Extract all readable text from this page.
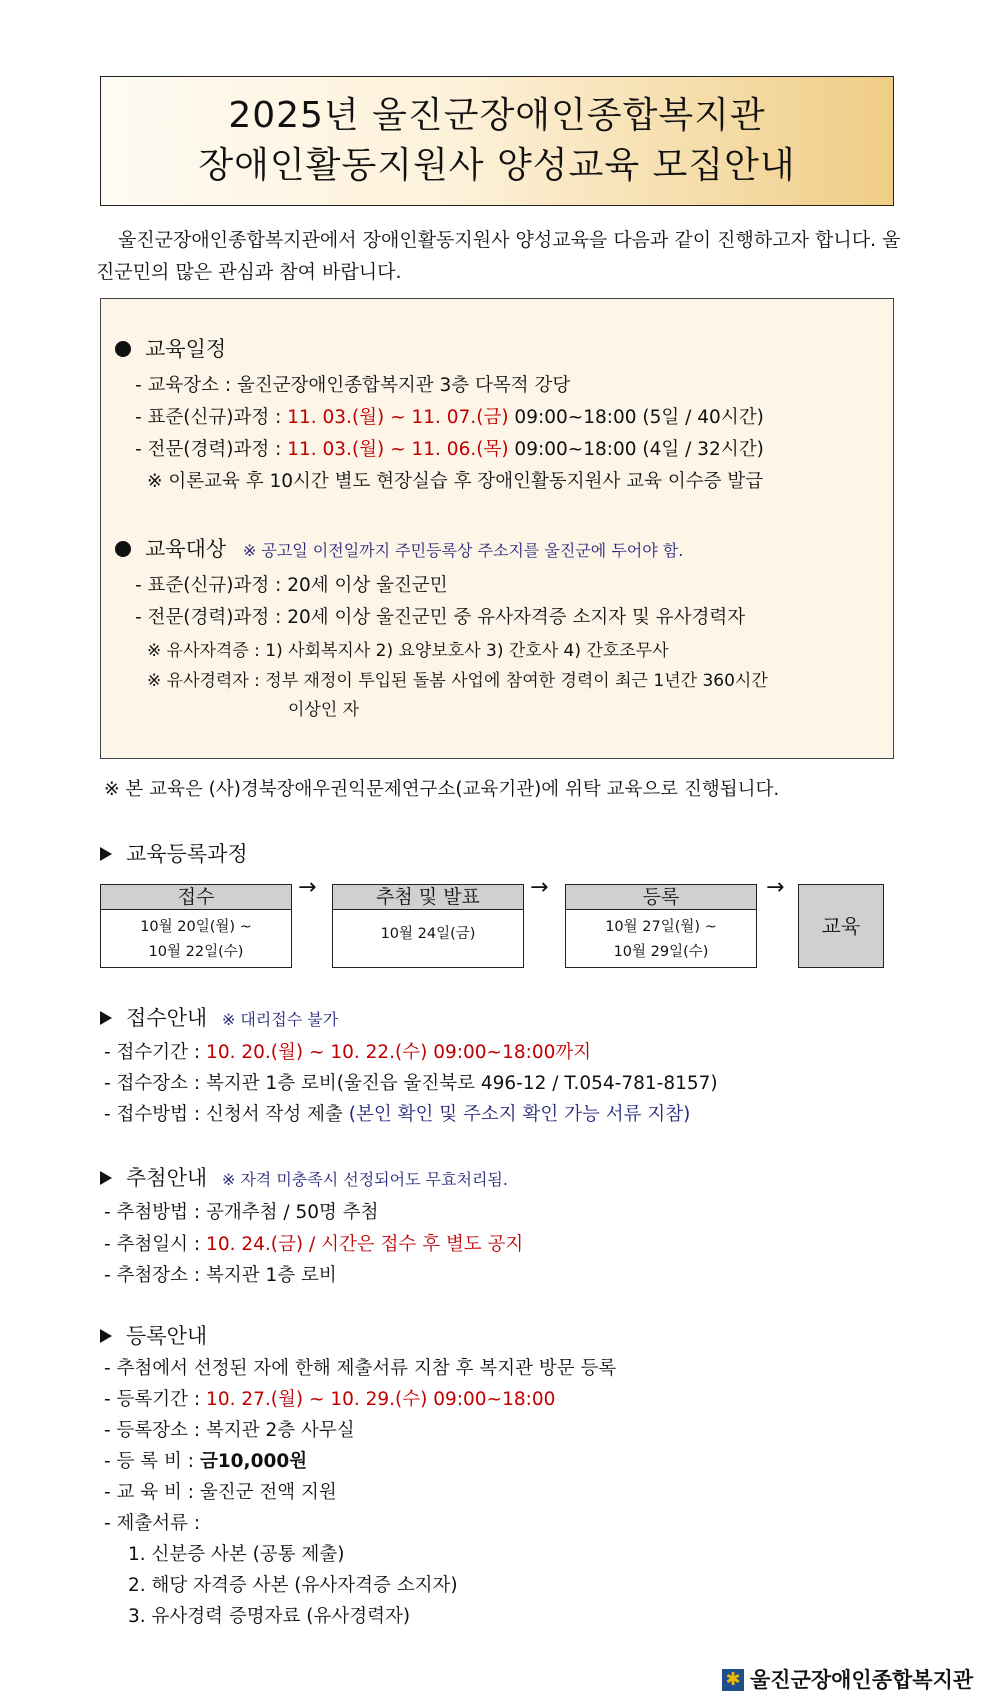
2025년 울진군장애인종합복지관
장애인활동지원사 양성교육 모집안내
울진군장애인종합복지관에서 장애인활동지원사 양성교육을 다음과 같이 진행하고자 합니다. 울진군민의 많은 관심과 참여 바랍니다.
교육일정
- 교육장소 : 울진군장애인종합복지관 3층 다목적 강당
- 표준(신규)과정 : 11. 03.(월) ~ 11. 07.(금) 09:00~18:00 (5일 / 40시간)
- 전문(경력)과정 : 11. 03.(월) ~ 11. 06.(목) 09:00~18:00 (4일 / 32시간)
※ 이론교육 후 10시간 별도 현장실습 후 장애인활동지원사 교육 이수증 발급
교육대상 ※ 공고일 이전일까지 주민등록상 주소지를 울진군에 두어야 함.
- 표준(신규)과정 : 20세 이상 울진군민
- 전문(경력)과정 : 20세 이상 울진군민 중 유사자격증 소지자 및 유사경력자
※ 유사자격증 : 1) 사회복지사 2) 요양보호사 3) 간호사 4) 간호조무사
※ 유사경력자 : 정부 재정이 투입된 돌봄 사업에 참여한 경력이 최근 1년간 360시간
이상인 자
※ 본 교육은 (사)경북장애우권익문제연구소(교육기관)에 위탁 교육으로 진행됩니다.
교육등록과정
접수
10월 20일(월) ~
10월 22일(수)
→	추첨 및 발표
10월 24일(금)
→	등록
10월 27일(월) ~
10월 29일(수)
→
교육
접수안내 ※ 대리접수 불가
- 접수기간 : 10. 20.(월) ~ 10. 22.(수) 09:00~18:00까지
- 접수장소 : 복지관 1층 로비(울진읍 울진북로 496-12 / T.054-781-8157)
- 접수방법 : 신청서 작성 제출 (본인 확인 및 주소지 확인 가능 서류 지참)
추첨안내 ※ 자격 미충족시 선정되어도 무효처리됨.
- 추첨방법 : 공개추첨 / 50명 추첨
- 추첨일시 : 10. 24.(금) / 시간은 접수 후 별도 공지
- 추첨장소 : 복지관 1층 로비
등록안내
- 추첨에서 선정된 자에 한해 제출서류 지참 후 복지관 방문 등록
- 등록기간 : 10. 27.(월) ~ 10. 29.(수) 09:00~18:00
- 등록장소 : 복지관 2층 사무실
- 등 록 비 : 금10,000원
- 교 육 비 : 울진군 전액 지원
- 제출서류 :
1. 신분증 사본 (공통 제출)
2. 해당 자격증 사본 (유사자격증 소지자)
3. 유사경력 증명자료 (유사경력자)
✱ 울진군장애인종합복지관
